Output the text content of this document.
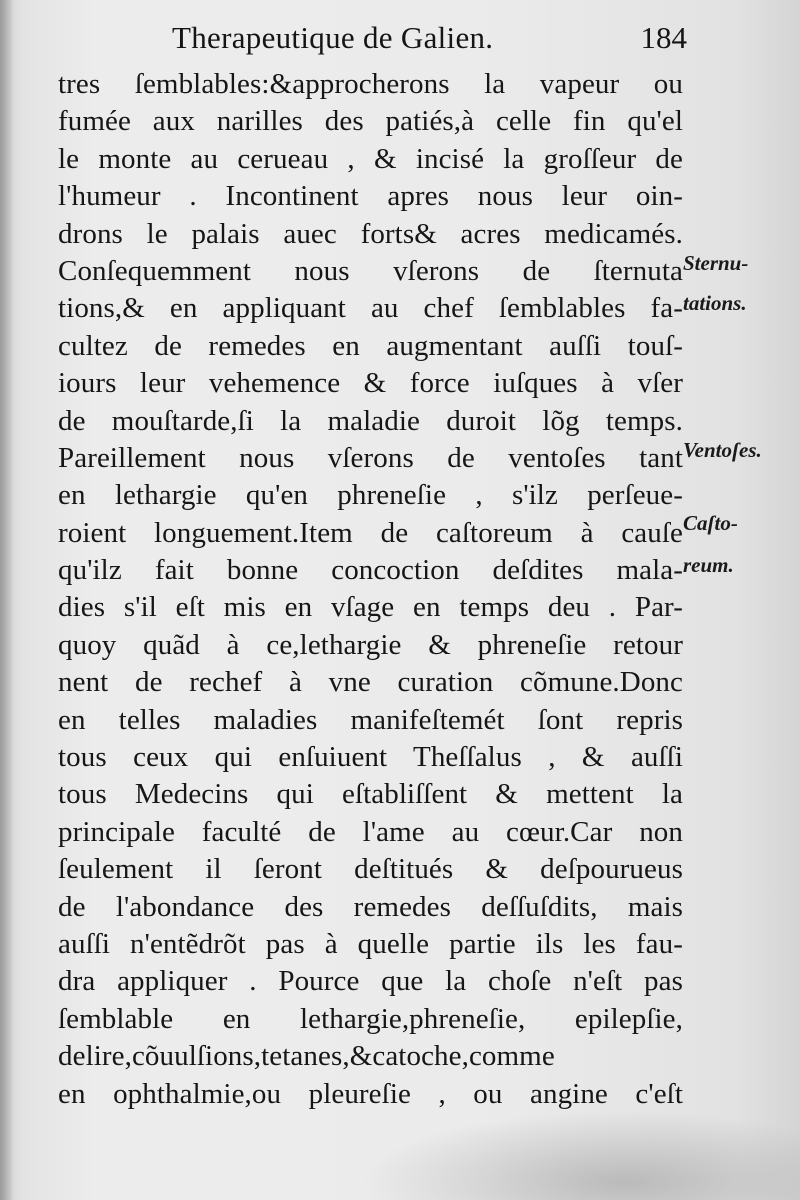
Therapeutique de Galien.	184
tres ſemblables:&approcherons la vapeur ou
fumée aux narilles des patiés,à celle fin qu'el
le monte au cerueau , & incisé la groſſeur de
l'humeur . Incontinent apres nous leur oin-
drons le palais auec forts& acres medicamés.
Conſequemment nous vſerons de ſternuta
tions,& en appliquant au chef ſemblables fa-
cultez de remedes en augmentant auſſi touſ-
iours leur vehemence & force iuſques à vſer
de mouſtarde,ſi la maladie duroit lõg temps.
Pareillement nous vſerons de ventoſes tant
en lethargie qu'en phreneſie , s'ilz perſeue-
roient longuement.Item de caſtoreum à cauſe
qu'ilz fait bonne concoction deſdites mala-
dies s'il eſt mis en vſage en temps deu . Par-
quoy quãd à ce,lethargie & phreneſie retour
nent de rechef à vne curation cõmune.Donc
en telles maladies manifeſtemét ſont repris
tous ceux qui enſuiuent Theſſalus , & auſſi
tous Medecins qui eſtabliſſent & mettent la
principale faculté de l'ame au cœur.Car non
ſeulement il ſeront deſtitués & deſpourueus
de l'abondance des remedes deſſuſdits, mais
auſſi n'entẽdrõt pas à quelle partie ils les fau-
dra appliquer . Pource que la choſe n'eſt pas
ſemblable en lethargie,phreneſie, epilepſie,
delire,cõuulſions,tetanes,&catoche,comme
en ophthalmie,ou pleureſie , ou angine c'eſt
Sternu-
tations.
Ventoſes.
Caſto-
reum.
